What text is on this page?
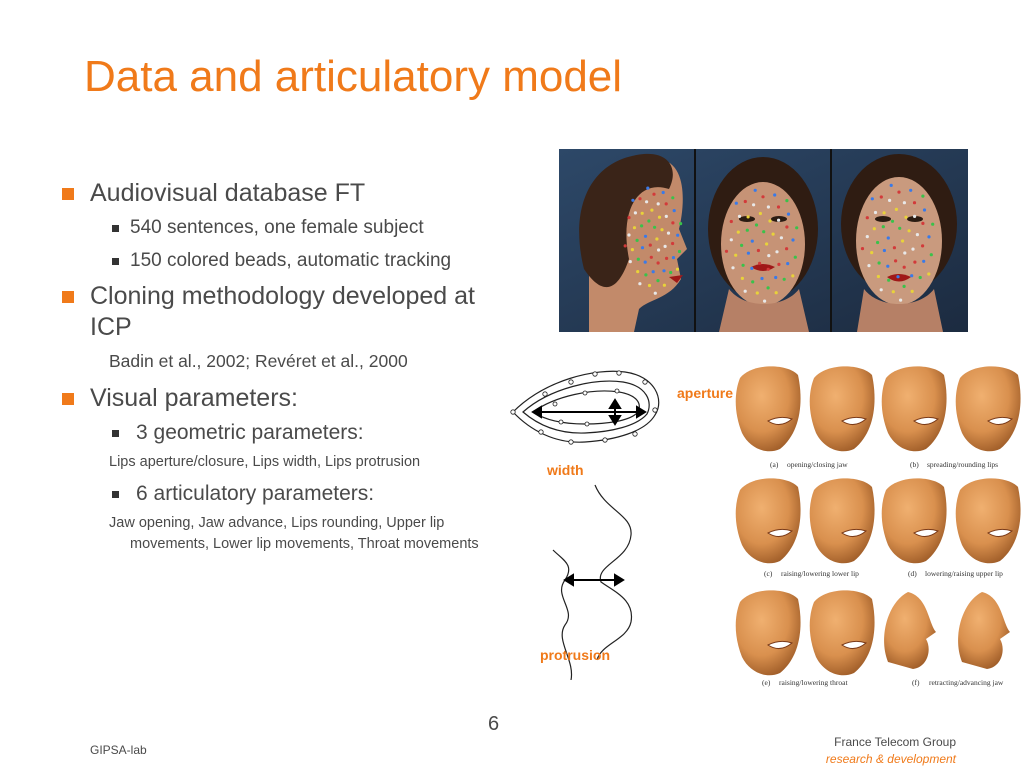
Data and articulatory model
Audiovisual database FT
540 sentences, one female subject
150 colored beads, automatic tracking
Cloning methodology developed at ICP
Badin et al., 2002; Revéret et al., 2000
Visual parameters:
3 geometric parameters:
Lips aperture/closure, Lips width, Lips protrusion
6 articulatory parameters:
Jaw opening, Jaw advance, Lips rounding, Upper lip movements, Lower lip movements, Throat movements
aperture
width
protrusion
(a) opening/closing jaw	(b) spreading/rounding lips
(c) raising/lowering lower lip	(d) lowering/raising upper lip
(e) raising/lowering throat	(f) retracting/advancing jaw
6
GIPSA-lab
France Telecom Group
research & development
